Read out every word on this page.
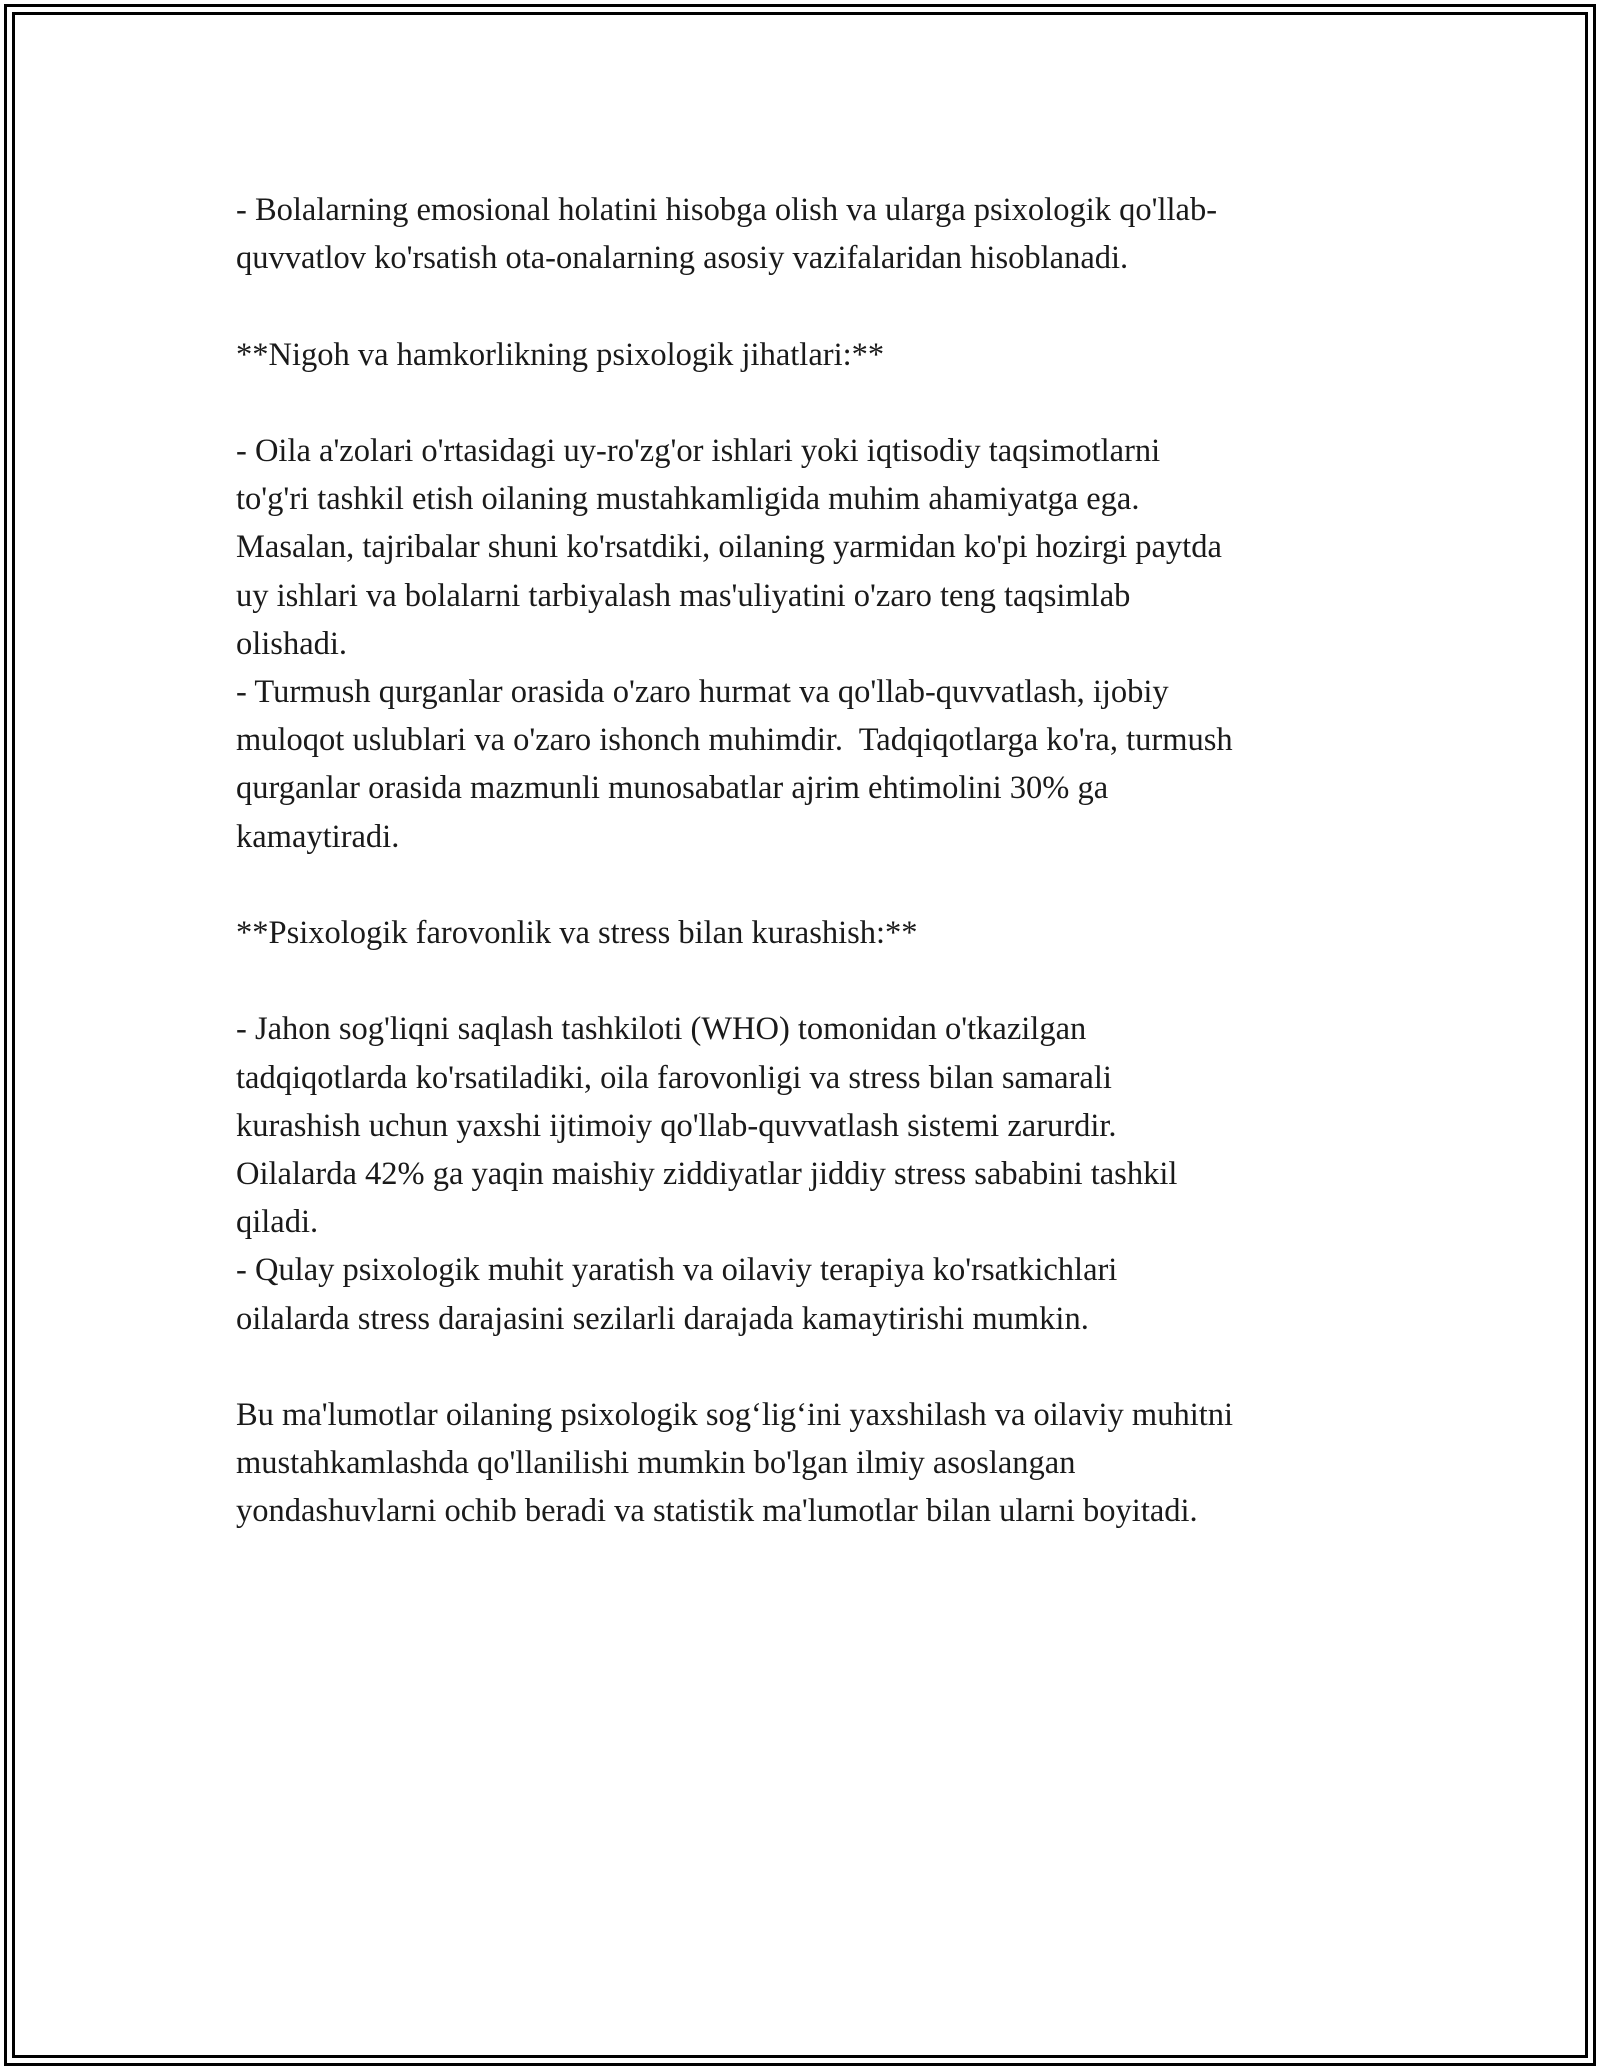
- Bolalarning emosional holatini hisobga olish va ularga psixologik qo'llab-
quvvatlov ko'rsatish ota-onalarning asosiy vazifalaridan hisoblanadi.
**Nigoh va hamkorlikning psixologik jihatlari:**
- Oila a'zolari o'rtasidagi uy-ro'zg'or ishlari yoki iqtisodiy taqsimotlarni
to'g'ri tashkil etish oilaning mustahkamligida muhim ahamiyatga ega.
Masalan, tajribalar shuni ko'rsatdiki, oilaning yarmidan ko'pi hozirgi paytda
uy ishlari va bolalarni tarbiyalash mas'uliyatini o'zaro teng taqsimlab
olishadi.
- Turmush qurganlar orasida o'zaro hurmat va qo'llab-quvvatlash, ijobiy
muloqot uslublari va o'zaro ishonch muhimdir.  Tadqiqotlarga ko'ra, turmush
qurganlar orasida mazmunli munosabatlar ajrim ehtimolini 30% ga
kamaytiradi.
**Psixologik farovonlik va stress bilan kurashish:**
- Jahon sog'liqni saqlash tashkiloti (WHO) tomonidan o'tkazilgan
tadqiqotlarda ko'rsatiladiki, oila farovonligi va stress bilan samarali
kurashish uchun yaxshi ijtimoiy qo'llab-quvvatlash sistemi zarurdir.
Oilalarda 42% ga yaqin maishiy ziddiyatlar jiddiy stress sababini tashkil
qiladi.
- Qulay psixologik muhit yaratish va oilaviy terapiya ko'rsatkichlari
oilalarda stress darajasini sezilarli darajada kamaytirishi mumkin.
Bu ma'lumotlar oilaning psixologik sog‘lig‘ini yaxshilash va oilaviy muhitni
mustahkamlashda qo'llanilishi mumkin bo'lgan ilmiy asoslangan
yondashuvlarni ochib beradi va statistik ma'lumotlar bilan ularni boyitadi.
